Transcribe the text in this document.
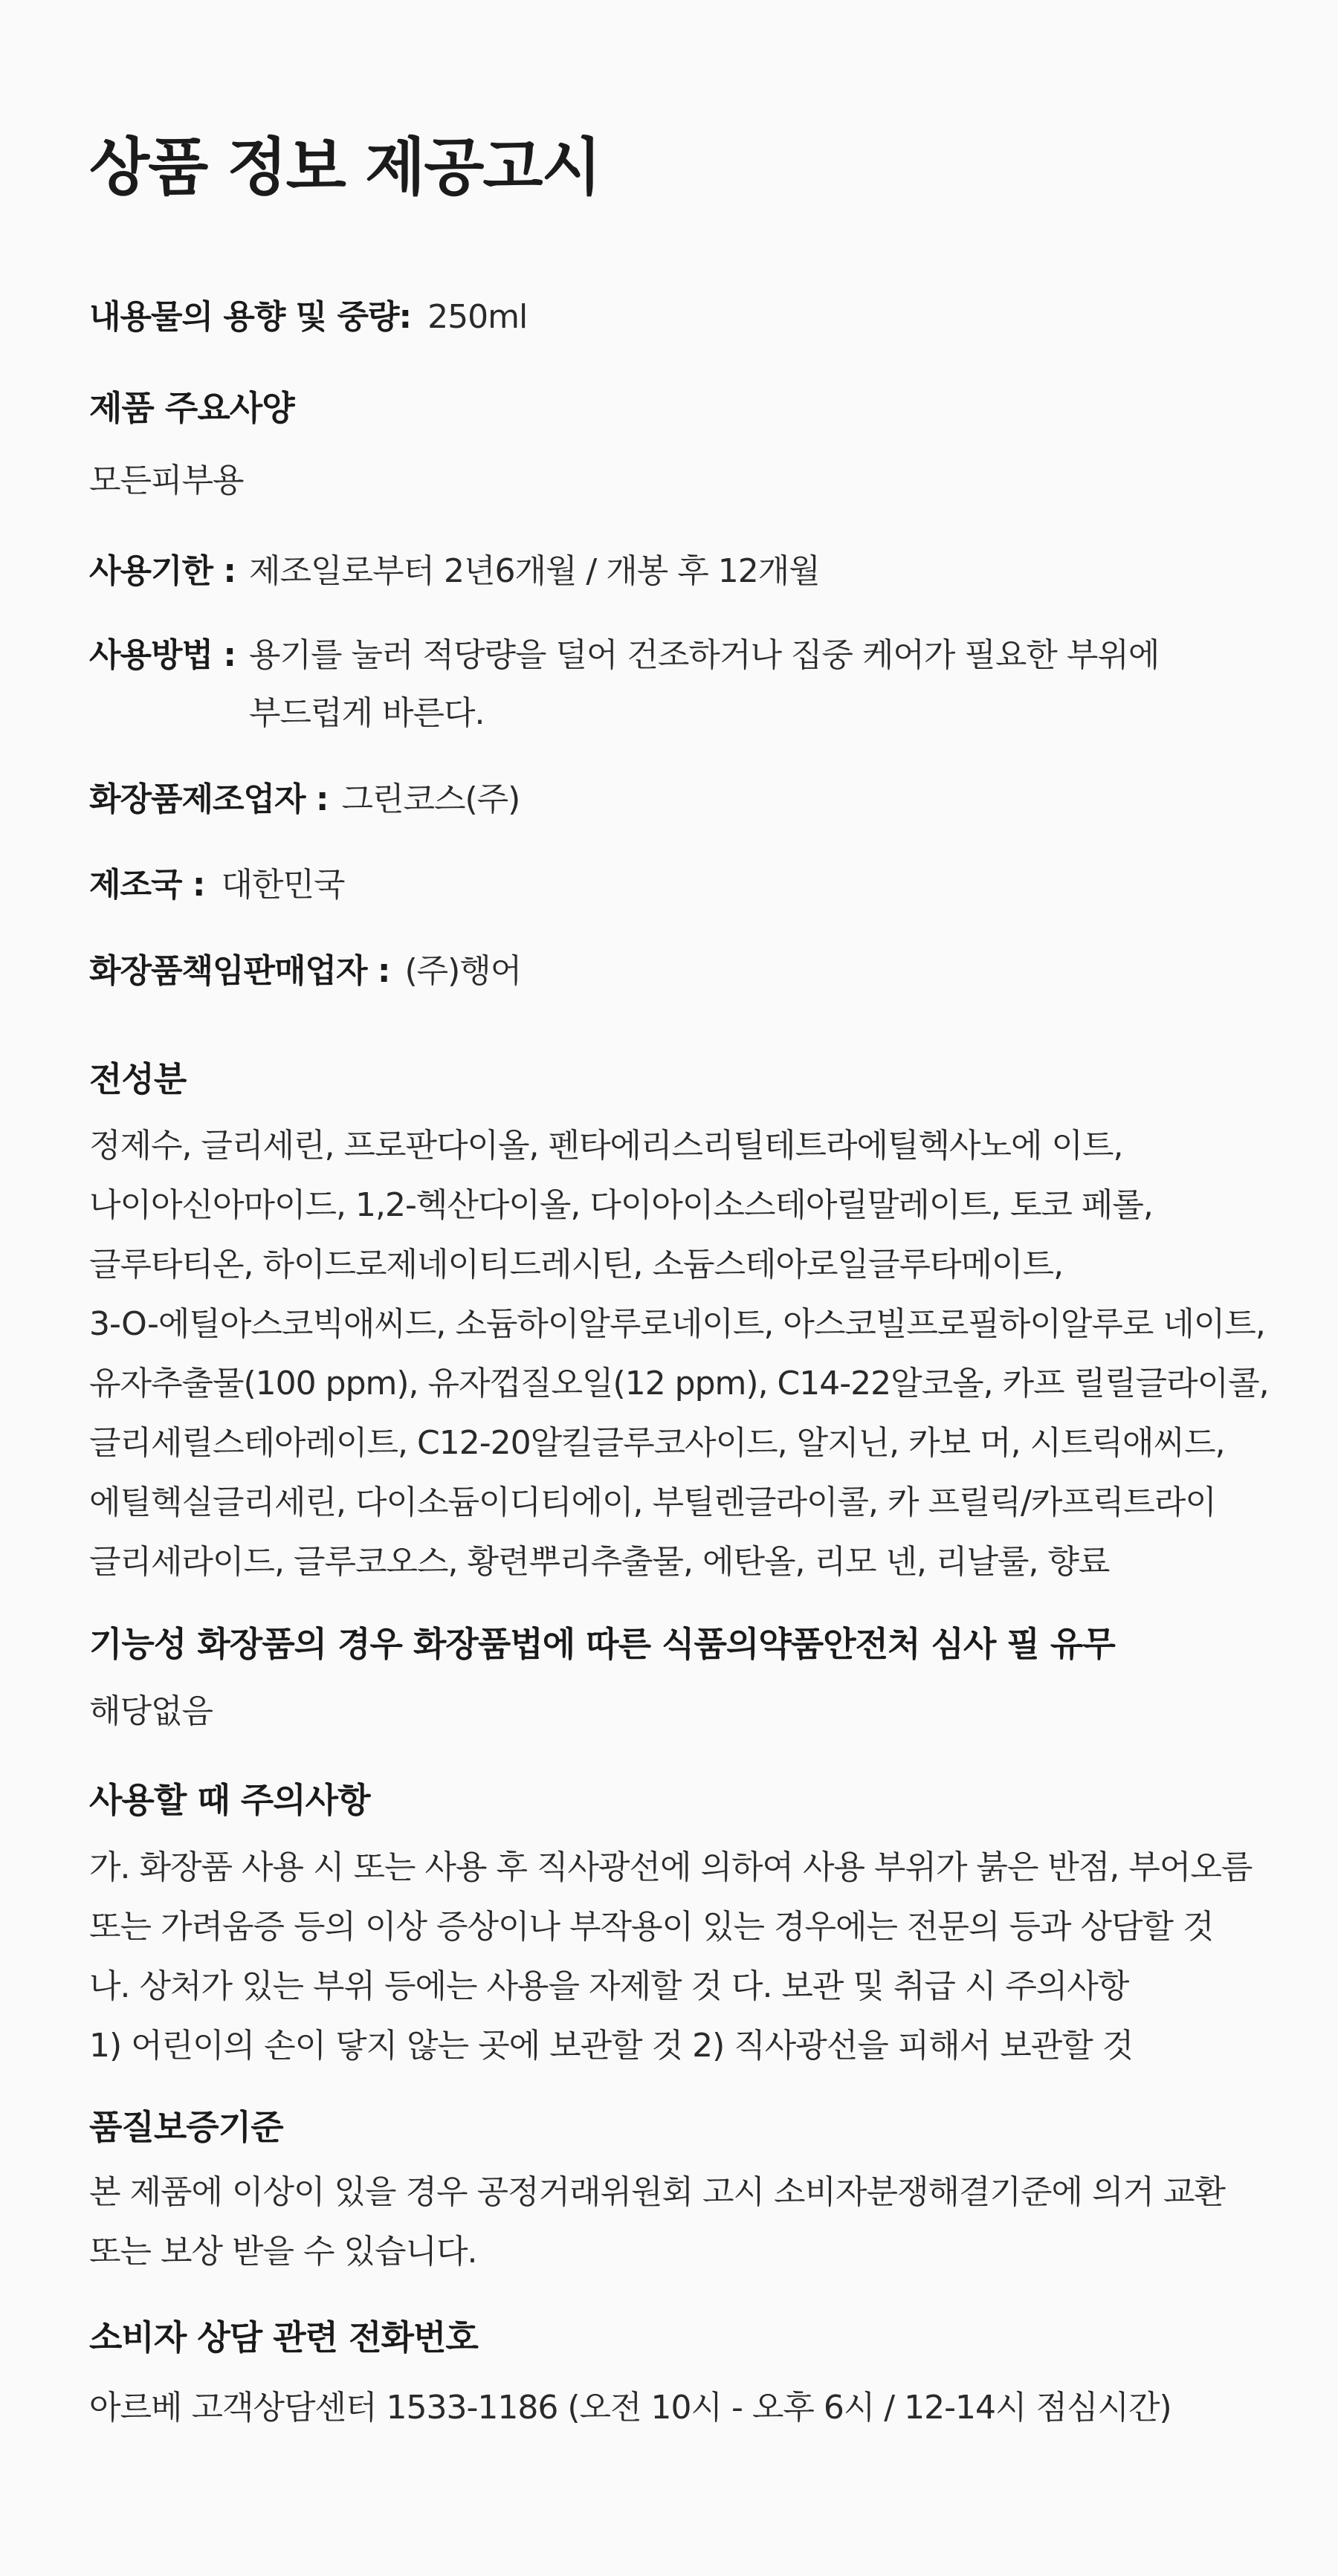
상품 정보 제공고시
내용물의 용향 및 중량: 250ml
제품 주요사양

모든피부용

사용기한 : 제조일로부터 2년6개월 / 개봉 후 12개월
사용방법 : 용기를 눌러 적당량을 덜어 건조하거나 집중 케어가 필요한 부위에
부드럽게 바른다.
화장품제조업자 : 그린코스(주)
제조국 : 대한민국
화장품책임판매업자 : (주)행어
전성분

정제수, 글리세린, 프로판다이올, 펜타에리스리틸테트라에틸헥사노에 이트,
나이아신아마이드, 1,2-헥산다이올, 다이아이소스테아릴말레이트, 토코 페롤,
글루타티온, 하이드로제네이티드레시틴, 소듐스테아로일글루타메이트,
3-O-에틸아스코빅애씨드, 소듐하이알루로네이트, 아스코빌프로필하이알루로 네이트,
유자추출물(100 ppm), 유자껍질오일(12 ppm), C14-22알코올, 카프 릴릴글라이콜,
글리세릴스테아레이트, C12-20알킬글루코사이드, 알지닌, 카보 머, 시트릭애씨드,
에틸헥실글리세린, 다이소듐이디티에이, 부틸렌글라이콜, 카 프릴릭/카프릭트라이
글리세라이드, 글루코오스, 황련뿌리추출물, 에탄올, 리모 넨, 리날룰, 향료

기능성 화장품의 경우 화장품법에 따른 식품의약품안전처 심사 필 유무

해당없음

사용할 때 주의사항

가. 화장품 사용 시 또는 사용 후 직사광선에 의하여 사용 부위가 붉은 반점, 부어오름
또는 가려움증 등의 이상 증상이나 부작용이 있는 경우에는 전문의 등과 상담할 것
나. 상처가 있는 부위 등에는 사용을 자제할 것 다. 보관 및 취급 시 주의사항
1) 어린이의 손이 닿지 않는 곳에 보관할 것 2) 직사광선을 피해서 보관할 것

품질보증기준

본 제품에 이상이 있을 경우 공정거래위원회 고시 소비자분쟁해결기준에 의거 교환
또는 보상 받을 수 있습니다.

소비자 상담 관련 전화번호

아르베 고객상담센터 1533-1186 (오전 10시 - 오후 6시 / 12-14시 점심시간)
